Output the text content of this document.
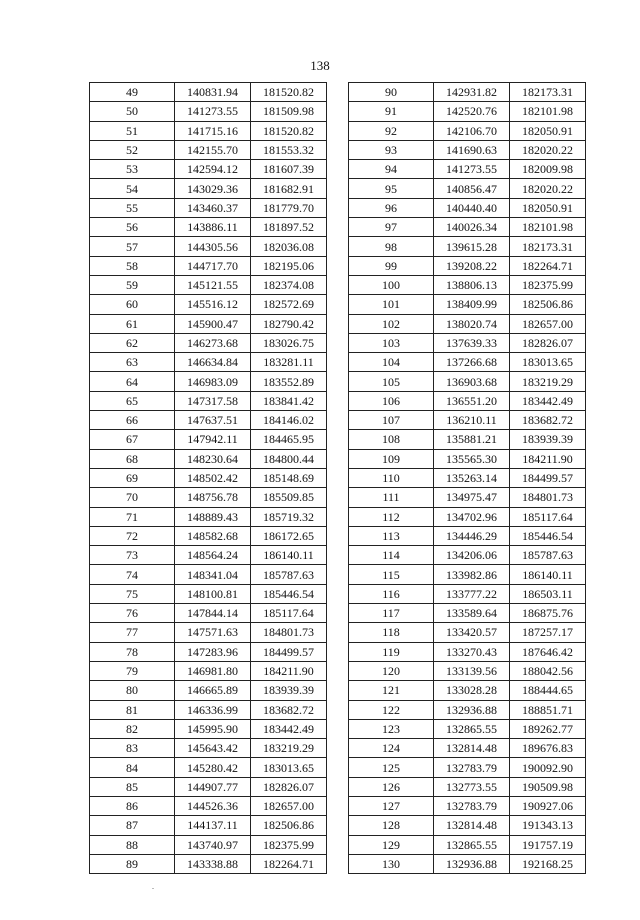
138
49	140831.94	181520.82
50	141273.55	181509.98
51	141715.16	181520.82
52	142155.70	181553.32
53	142594.12	181607.39
54	143029.36	181682.91
55	143460.37	181779.70
56	143886.11	181897.52
57	144305.56	182036.08
58	144717.70	182195.06
59	145121.55	182374.08
60	145516.12	182572.69
61	145900.47	182790.42
62	146273.68	183026.75
63	146634.84	183281.11
64	146983.09	183552.89
65	147317.58	183841.42
66	147637.51	184146.02
67	147942.11	184465.95
68	148230.64	184800.44
69	148502.42	185148.69
70	148756.78	185509.85
71	148889.43	185719.32
72	148582.68	186172.65
73	148564.24	186140.11
74	148341.04	185787.63
75	148100.81	185446.54
76	147844.14	185117.64
77	147571.63	184801.73
78	147283.96	184499.57
79	146981.80	184211.90
80	146665.89	183939.39
81	146336.99	183682.72
82	145995.90	183442.49
83	145643.42	183219.29
84	145280.42	183013.65
85	144907.77	182826.07
86	144526.36	182657.00
87	144137.11	182506.86
88	143740.97	182375.99
89	143338.88	182264.71
90	142931.82	182173.31
91	142520.76	182101.98
92	142106.70	182050.91
93	141690.63	182020.22
94	141273.55	182009.98
95	140856.47	182020.22
96	140440.40	182050.91
97	140026.34	182101.98
98	139615.28	182173.31
99	139208.22	182264.71
100	138806.13	182375.99
101	138409.99	182506.86
102	138020.74	182657.00
103	137639.33	182826.07
104	137266.68	183013.65
105	136903.68	183219.29
106	136551.20	183442.49
107	136210.11	183682.72
108	135881.21	183939.39
109	135565.30	184211.90
110	135263.14	184499.57
111	134975.47	184801.73
112	134702.96	185117.64
113	134446.29	185446.54
114	134206.06	185787.63
115	133982.86	186140.11
116	133777.22	186503.11
117	133589.64	186875.76
118	133420.57	187257.17
119	133270.43	187646.42
120	133139.56	188042.56
121	133028.28	188444.65
122	132936.88	188851.71
123	132865.55	189262.77
124	132814.48	189676.83
125	132783.79	190092.90
126	132773.55	190509.98
127	132783.79	190927.06
128	132814.48	191343.13
129	132865.55	191757.19
130	132936.88	192168.25
